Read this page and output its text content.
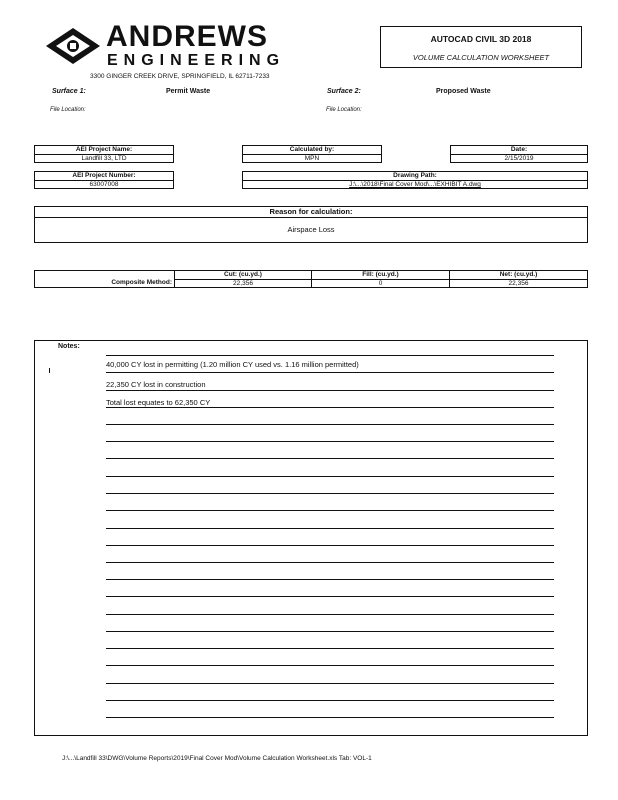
ANDREWS
ENGINEERING
3300 GINGER CREEK DRIVE, SPRINGFIELD, IL 62711-7233
AUTOCAD CIVIL 3D 2018
VOLUME CALCULATION WORKSHEET
Surface 1:	Permit Waste	Surface 2:	Proposed Waste
File Location:	File Location:
AEI Project Name:
Landfill 33, LTD
Calculated by:
MPN
Date:
2/15/2019
AEI Project Number:
63007008
Drawing Path:
J:\...\2018\Final Cover Mod\...\EXHIBIT A.dwg
Reason for calculation:
Airspace Loss
Composite Method:
Cut: (cu.yd.)
22,356
Fill: (cu.yd.)
0
Net: (cu.yd.)
22,356
Notes:
40,000 CY lost in permitting (1.20 million CY used vs. 1.16 million permitted)
22,350 CY lost in construction
Total lost equates to 62,350 CY
J:\...\Landfill 33\DWG\Volume Reports\2019\Final Cover Mod\Volume Calculation Worksheet.xls Tab: VOL-1
